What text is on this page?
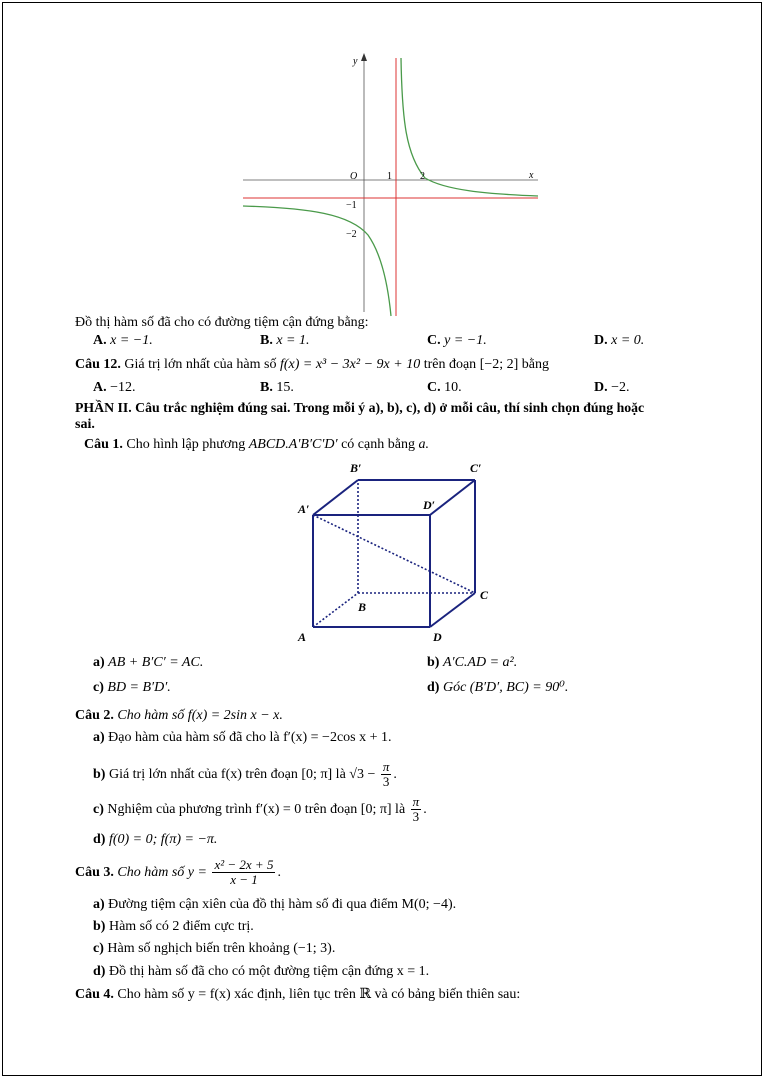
y
x
O	1	2
−1
−2
Đồ thị hàm số đã cho có đường tiệm cận đứng bằng:
A. x = −1.	B. x = 1.	C. y = −1.	D. x = 0.
Câu 12. Giá trị lớn nhất của hàm số f(x) = x³ − 3x² − 9x + 10 trên đoạn [−2; 2] bằng
A. −12.	B. 15.	C. 10.	D. −2.
PHẦN II. Câu trắc nghiệm đúng sai. Trong mỗi ý a), b), c), d) ở mỗi câu, thí sinh chọn đúng hoặc
sai.
Câu 1. Cho hình lập phương ABCD.A′B′C′D′ có cạnh bằng a.
B′	C′
A′	D′
C
B
A	D
a) AB + B′C′ = AC.	b) A′C.AD = a².
c) BD = B′D′.	d) Góc (B′D′, BC) = 90⁰.
Câu 2. Cho hàm số f(x) = 2sin x − x.
a) Đạo hàm của hàm số đã cho là f′(x) = −2cos x + 1.
b) Giá trị lớn nhất của f(x) trên đoạn [0; π] là $√3 - \frac{\pi}{3}$ .
c) Nghiệm của phương trình f′(x) = 0 trên đoạn [0; π] là $\frac{\pi}{3}$ .
d) f(0) = 0; f(π) = −π.
Câu 3. Cho hàm số $y = \frac{\text{x² − 2x + 5}}{x - 1}$ .
a) Đường tiệm cận xiên của đồ thị hàm số đi qua điểm M(0; −4).
b) Hàm số có 2 điểm cực trị.
c) Hàm số nghịch biến trên khoảng (−1; 3).
d) Đồ thị hàm số đã cho có một đường tiệm cận đứng x = 1.
Câu 4. Cho hàm số y = f(x) xác định, liên tục trên ℝ và có bảng biến thiên sau:
